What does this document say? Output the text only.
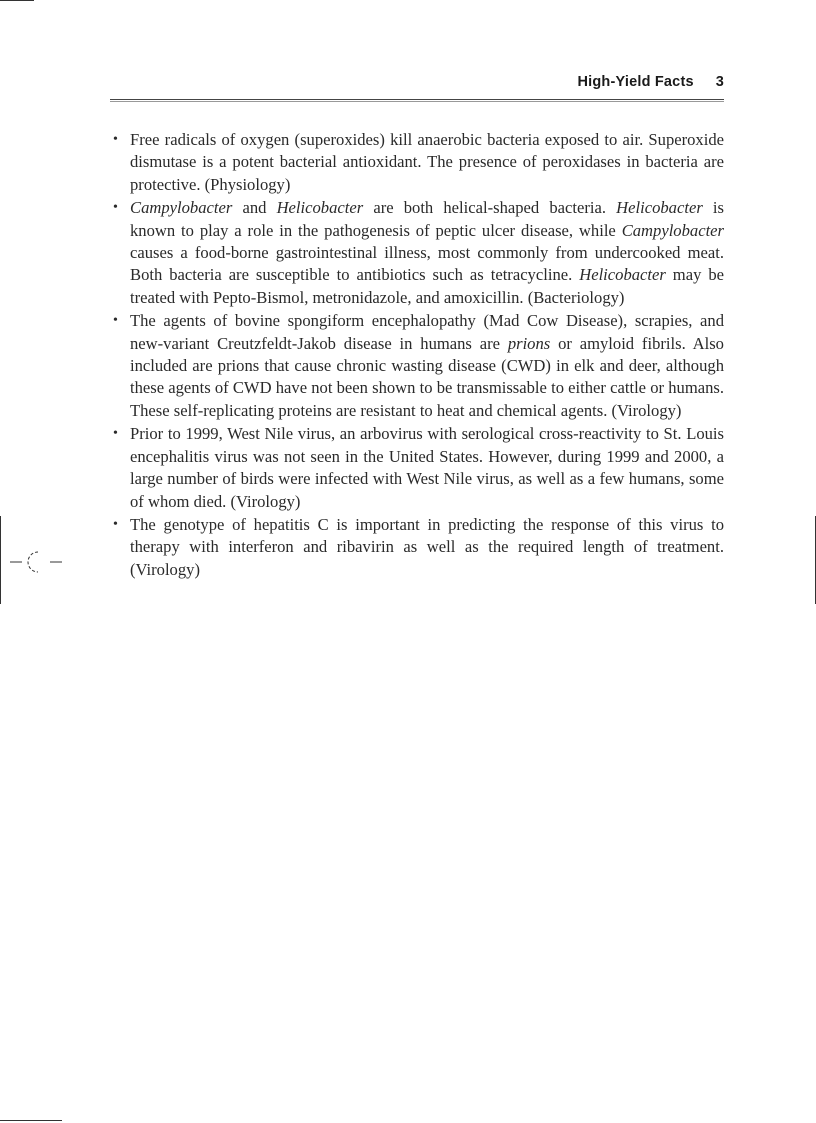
High-Yield Facts 3
• Free radicals of oxygen (superoxides) kill anaerobic bacteria exposed to air. Superoxide dismutase is a potent bacterial antioxidant. The presence of peroxidases in bacteria are protective. (Physiology)
• Campylobacter and Helicobacter are both helical-shaped bacteria. Helicobacter is known to play a role in the pathogenesis of peptic ulcer disease, while Campylobacter causes a food-borne gastrointestinal illness, most commonly from undercooked meat. Both bacteria are susceptible to antibiotics such as tetracycline. Helicobacter may be treated with Pepto-Bismol, metronidazole, and amoxicillin. (Bacteriology)
• The agents of bovine spongiform encephalopathy (Mad Cow Disease), scrapies, and new-variant Creutzfeldt-Jakob disease in humans are prions or amyloid fibrils. Also included are prions that cause chronic wasting disease (CWD) in elk and deer, although these agents of CWD have not been shown to be transmissable to either cattle or humans. These self-replicating proteins are resistant to heat and chemical agents. (Virology)
• Prior to 1999, West Nile virus, an arbovirus with serological cross-reactivity to St. Louis encephalitis virus was not seen in the United States. However, during 1999 and 2000, a large number of birds were infected with West Nile virus, as well as a few humans, some of whom died. (Virology)
• The genotype of hepatitis C is important in predicting the response of this virus to therapy with interferon and ribavirin as well as the required length of treatment. (Virology)
